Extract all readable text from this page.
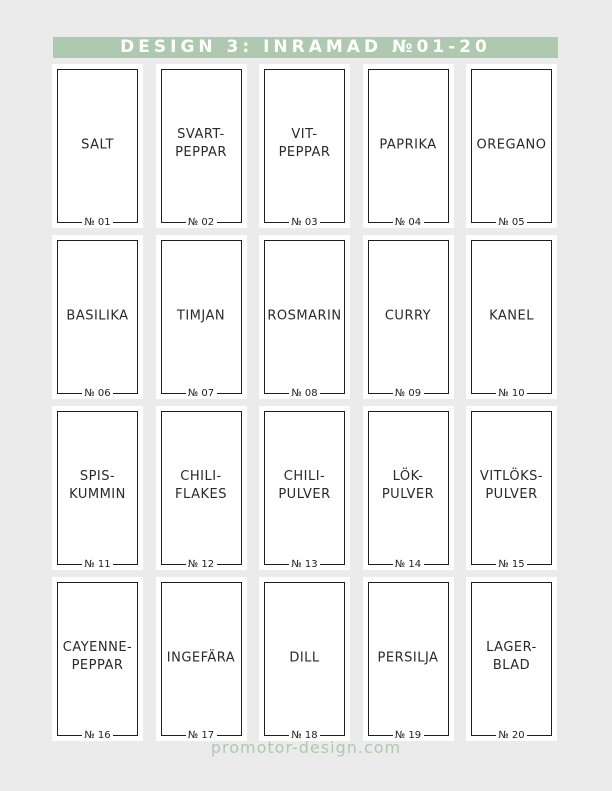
DESIGN 3: INRAMAD №01-20
SALT
№ 01
SVART-
PEPPAR
№ 02
VIT-
PEPPAR
№ 03
PAPRIKA
№ 04
OREGANO
№ 05
BASILIKA
№ 06
TIMJAN
№ 07
ROSMARIN
№ 08
CURRY
№ 09
KANEL
№ 10
SPIS-
KUMMIN
№ 11
CHILI-
FLAKES
№ 12
CHILI-
PULVER
№ 13
LÖK-
PULVER
№ 14
VITLÖKS-
PULVER
№ 15
CAYENNE-
PEPPAR
№ 16
INGEFÄRA
№ 17
DILL
№ 18
PERSILJA
№ 19
LAGER-
BLAD
№ 20
promotor-design.com
